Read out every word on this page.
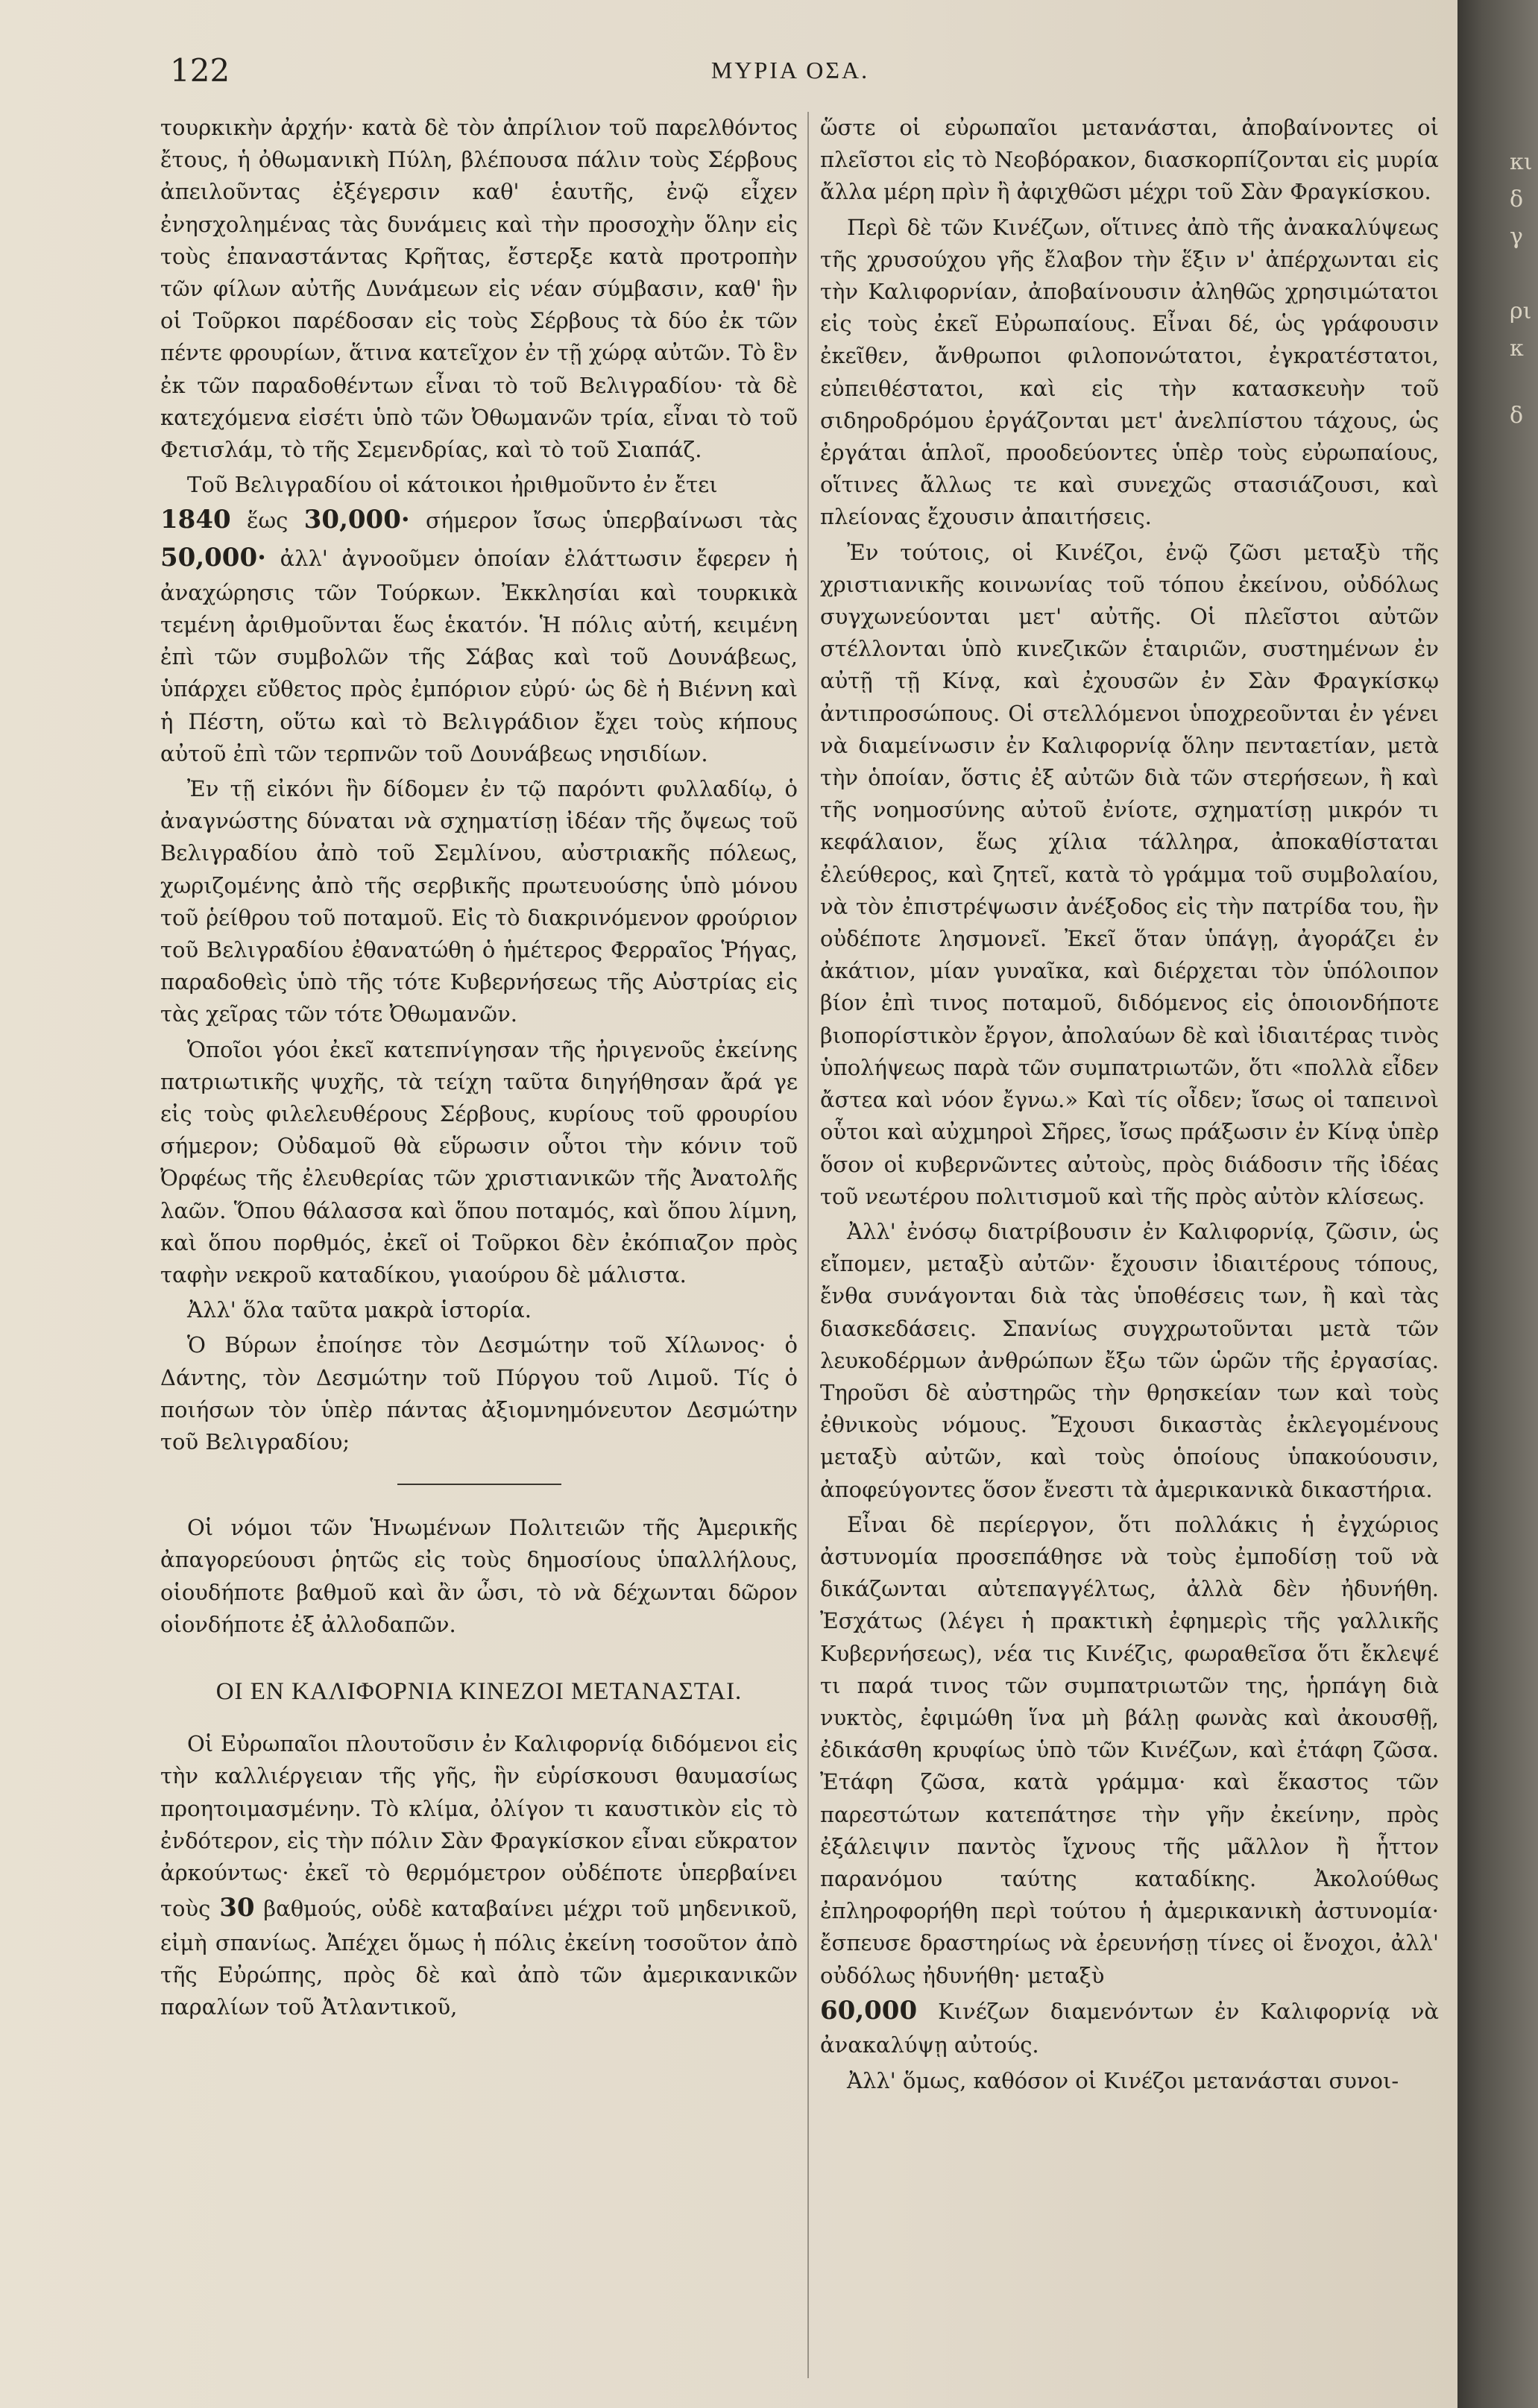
122	ΜΥΡΙΑ ΟΣΑ.

τουρκικὴν ἀρχήν· κατὰ δὲ τὸν ἀπρίλιον τοῦ παρελθόντος ἔτους, ἡ ὀθωμανικὴ Πύλη, βλέπουσα πάλιν τοὺς Σέρβους ἀπειλοῦντας ἐξέγερσιν καθ' ἑαυτῆς, ἐνῷ εἶχεν ἐνησχολημένας τὰς δυνάμεις καὶ τὴν προσοχὴν ὅλην εἰς τοὺς ἐπαναστάντας Κρῆτας, ἔστερξε κατὰ προτροπὴν τῶν φίλων αὐτῆς Δυνάμεων εἰς νέαν σύμβασιν, καθ' ἣν οἱ Τοῦρκοι παρέδοσαν εἰς τοὺς Σέρβους τὰ δύο ἐκ τῶν πέντε φρουρίων, ἅτινα κατεῖχον ἐν τῇ χώρᾳ αὐτῶν. Τὸ ἓν ἐκ τῶν παραδοθέντων εἶναι τὸ τοῦ Βελιγραδίου· τὰ δὲ κατεχόμενα εἰσέτι ὑπὸ τῶν Ὀθωμανῶν τρία, εἶναι τὸ τοῦ Φετισλάμ, τὸ τῆς Σεμενδρίας, καὶ τὸ τοῦ Σιαπάζ.

Τοῦ Βελιγραδίου οἱ κάτοικοι ἠριθμοῦντο ἐν ἔτει
1840 ἕως 30,000· σήμερον ἴσως ὑπερβαίνωσι τὰς 50,000· ἀλλ' ἀγνοοῦμεν ὁποίαν ἐλάττωσιν ἔφερεν ἡ ἀναχώρησις τῶν Τούρκων. Ἐκκλησίαι καὶ τουρκικὰ τεμένη ἀριθμοῦνται ἕως ἑκατόν. Ἡ πόλις αὐτή, κειμένη ἐπὶ τῶν συμβολῶν τῆς Σάβας καὶ τοῦ Δουνάβεως, ὑπάρχει εὔθετος πρὸς ἐμπόριον εὐρύ· ὡς δὲ ἡ Βιέννη καὶ ἡ Πέστη, οὕτω καὶ τὸ Βελιγράδιον ἔχει τοὺς κήπους αὐτοῦ ἐπὶ τῶν τερπνῶν τοῦ Δουνάβεως νησιδίων.

Ἐν τῇ εἰκόνι ἣν δίδομεν ἐν τῷ παρόντι φυλλαδίῳ, ὁ ἀναγνώστης δύναται νὰ σχηματίσῃ ἰδέαν τῆς ὄψεως τοῦ Βελιγραδίου ἀπὸ τοῦ Σεμλίνου, αὐστριακῆς πόλεως, χωριζομένης ἀπὸ τῆς σερβικῆς πρωτευούσης ὑπὸ μόνου τοῦ ῥείθρου τοῦ ποταμοῦ. Εἰς τὸ διακρινόμενον φρούριον τοῦ Βελιγραδίου ἐθανατώθη ὁ ἡμέτερος Φερραῖος Ῥήγας, παραδοθεὶς ὑπὸ τῆς τότε Κυβερνήσεως τῆς Αὐστρίας εἰς τὰς χεῖρας τῶν τότε Ὀθωμανῶν.

Ὁποῖοι γόοι ἐκεῖ κατεπνίγησαν τῆς ἠριγενοῦς ἐκείνης πατριωτικῆς ψυχῆς, τὰ τείχη ταῦτα διηγήθησαν ἄρά γε εἰς τοὺς φιλελευθέρους Σέρβους, κυρίους τοῦ φρουρίου σήμερον; Οὐδαμοῦ θὰ εὕρωσιν οὗτοι τὴν κόνιν τοῦ Ὀρφέως τῆς ἐλευθερίας τῶν χριστιανικῶν τῆς Ἀνατολῆς λαῶν. Ὅπου θάλασσα καὶ ὅπου ποταμός, καὶ ὅπου λίμνη, καὶ ὅπου πορθμός, ἐκεῖ οἱ Τοῦρκοι δὲν ἐκόπιαζον πρὸς ταφὴν νεκροῦ καταδίκου, γιαούρου δὲ μάλιστα.

Ἀλλ' ὅλα ταῦτα μακρὰ ἱστορία.

Ὁ Βύρων ἐποίησε τὸν Δεσμώτην τοῦ Χίλωνος· ὁ Δάντης, τὸν Δεσμώτην τοῦ Πύργου τοῦ Λιμοῦ. Τίς ὁ ποιήσων τὸν ὑπὲρ πάντας ἀξιομνημόνευτον Δεσμώτην τοῦ Βελιγραδίου;

Οἱ νόμοι τῶν Ἡνωμένων Πολιτειῶν τῆς Ἀμερικῆς ἀπαγορεύουσι ῥητῶς εἰς τοὺς δημοσίους ὑπαλλήλους, οἱουδήποτε βαθμοῦ καὶ ἂν ὦσι, τὸ νὰ δέχωνται δῶρον οἱονδήποτε ἐξ ἀλλοδαπῶν.

ΟΙ ΕΝ ΚΑΛΙΦΟΡΝΙΑ ΚΙΝΕΖΟΙ ΜΕΤΑΝΑΣΤΑΙ.

Οἱ Εὐρωπαῖοι πλουτοῦσιν ἐν Καλιφορνίᾳ διδόμενοι εἰς τὴν καλλιέργειαν τῆς γῆς, ἣν εὑρίσκουσι θαυμασίως προητοιμασμένην. Τὸ κλίμα, ὀλίγον τι καυστικὸν εἰς τὸ ἐνδότερον, εἰς τὴν πόλιν Σὰν Φραγκίσκον εἶναι εὔκρατον ἀρκούντως· ἐκεῖ τὸ θερμόμετρον οὐδέποτε ὑπερβαίνει τοὺς 30 βαθμούς, οὐδὲ καταβαίνει μέχρι τοῦ μηδενικοῦ, εἰμὴ σπανίως. Ἀπέχει ὅμως ἡ πόλις ἐκείνη τοσοῦτον ἀπὸ τῆς Εὐρώπης, πρὸς δὲ καὶ ἀπὸ τῶν ἀμερικανικῶν παραλίων τοῦ Ἀτλαντικοῦ,

ὥστε οἱ εὐρωπαῖοι μετανάσται, ἀποβαίνοντες οἱ πλεῖστοι εἰς τὸ Νεοβόρακον, διασκορπίζονται εἰς μυρία ἄλλα μέρη πρὶν ἢ ἀφιχθῶσι μέχρι τοῦ Σὰν Φραγκίσκου.

Περὶ δὲ τῶν Κινέζων, οἵτινες ἀπὸ τῆς ἀνακαλύψεως τῆς χρυσούχου γῆς ἔλαβον τὴν ἕξιν ν' ἀπέρχωνται εἰς τὴν Καλιφορνίαν, ἀποβαίνουσιν ἀληθῶς χρησιμώτατοι εἰς τοὺς ἐκεῖ Εὐρωπαίους. Εἶναι δέ, ὡς γράφουσιν ἐκεῖθεν, ἄνθρωποι φιλοπονώτατοι, ἐγκρατέστατοι, εὐπειθέστατοι, καὶ εἰς τὴν κατασκευὴν τοῦ σιδηροδρόμου ἐργάζονται μετ' ἀνελπίστου τάχους, ὡς ἐργάται ἁπλοῖ, προοδεύοντες ὑπὲρ τοὺς εὐρωπαίους, οἵτινες ἄλλως τε καὶ συνεχῶς στασιάζουσι, καὶ πλείονας ἔχουσιν ἀπαιτήσεις.

Ἐν τούτοις, οἱ Κινέζοι, ἐνῷ ζῶσι μεταξὺ τῆς χριστιανικῆς κοινωνίας τοῦ τόπου ἐκείνου, οὐδόλως συγχωνεύονται μετ' αὐτῆς. Οἱ πλεῖστοι αὐτῶν στέλλονται ὑπὸ κινεζικῶν ἑταιριῶν, συστημένων ἐν αὐτῇ τῇ Κίνᾳ, καὶ ἐχουσῶν ἐν Σὰν Φραγκίσκῳ ἀντιπροσώπους. Οἱ στελλόμενοι ὑποχρεοῦνται ἐν γένει νὰ διαμείνωσιν ἐν Καλιφορνίᾳ ὅλην πενταετίαν, μετὰ τὴν ὁποίαν, ὅστις ἐξ αὐτῶν διὰ τῶν στερήσεων, ἢ καὶ τῆς νοημοσύνης αὐτοῦ ἐνίοτε, σχηματίσῃ μικρόν τι κεφάλαιον, ἕως χίλια τάλληρα, ἀποκαθίσταται ἐλεύθερος, καὶ ζητεῖ, κατὰ τὸ γράμμα τοῦ συμβολαίου, νὰ τὸν ἐπιστρέψωσιν ἀνέξοδος εἰς τὴν πατρίδα του, ἣν οὐδέποτε λησμονεῖ. Ἐκεῖ ὅταν ὑπάγῃ, ἀγοράζει ἐν ἀκάτιον, μίαν γυναῖκα, καὶ διέρχεται τὸν ὑπόλοιπον βίον ἐπὶ τινος ποταμοῦ, διδόμενος εἰς ὁποιονδήποτε βιοπορίστικὸν ἔργον, ἀπολαύων δὲ καὶ ἰδιαιτέρας τινὸς ὑπολήψεως παρὰ τῶν συμπατριωτῶν, ὅτι «πολλὰ εἶδεν ἄστεα καὶ νόον ἔγνω.» Καὶ τίς οἶδεν; ἴσως οἱ ταπεινοὶ οὗτοι καὶ αὐχμηροὶ Σῆρες, ἴσως πράξωσιν ἐν Κίνᾳ ὑπὲρ ὅσον οἱ κυβερνῶντες αὐτοὺς, πρὸς διάδοσιν τῆς ἰδέας τοῦ νεωτέρου πολιτισμοῦ καὶ τῆς πρὸς αὐτὸν κλίσεως.

Ἀλλ' ἐνόσῳ διατρίβουσιν ἐν Καλιφορνίᾳ, ζῶσιν, ὡς εἴπομεν, μεταξὺ αὐτῶν· ἔχουσιν ἰδιαιτέρους τόπους, ἔνθα συνάγονται διὰ τὰς ὑποθέσεις των, ἢ καὶ τὰς διασκεδάσεις. Σπανίως συγχρωτοῦνται μετὰ τῶν λευκοδέρμων ἀνθρώπων ἔξω τῶν ὡρῶν τῆς ἐργασίας. Τηροῦσι δὲ αὐστηρῶς τὴν θρησκείαν των καὶ τοὺς ἐθνικοὺς νόμους. Ἔχουσι δικαστὰς ἐκλεγομένους μεταξὺ αὐτῶν, καὶ τοὺς ὁποίους ὑπακούουσιν, ἀποφεύγοντες ὅσον ἔνεστι τὰ ἀμερικανικὰ δικαστήρια.

Εἶναι δὲ περίεργον, ὅτι πολλάκις ἡ ἐγχώριος ἀστυνομία προσεπάθησε νὰ τοὺς ἐμποδίσῃ τοῦ νὰ δικάζωνται αὐτεπαγγέλτως, ἀλλὰ δὲν ἠδυνήθη. Ἐσχάτως (λέγει ἡ πρακτικὴ ἐφημερὶς τῆς γαλλικῆς Κυβερνήσεως), νέα τις Κινέζις, φωραθεῖσα ὅτι ἔκλεψέ τι παρά τινος τῶν συμπατριωτῶν της, ἡρπάγη διὰ νυκτὸς, ἐφιμώθη ἵνα μὴ βάλῃ φωνὰς καὶ ἀκουσθῇ, ἐδικάσθη κρυφίως ὑπὸ τῶν Κινέζων, καὶ ἐτάφη ζῶσα. Ἐτάφη ζῶσα, κατὰ γράμμα· καὶ ἕκαστος τῶν παρεστώτων κατεπάτησε τὴν γῆν ἐκείνην, πρὸς ἐξάλειψιν παντὸς ἴχνους τῆς μᾶλλον ἢ ἧττον παρανόμου ταύτης καταδίκης. Ἀκολούθως ἐπληροφορήθη περὶ τούτου ἡ ἀμερικανικὴ ἀστυνομία· ἔσπευσε δραστηρίως νὰ ἐρευνήσῃ τίνες οἱ ἔνοχοι, ἀλλ' οὐδόλως ἠδυνήθη· μεταξὺ
60,000 Κινέζων διαμενόντων ἐν Καλιφορνίᾳ νὰ ἀνακαλύψῃ αὐτούς.

Ἀλλ' ὅμως, καθόσον οἱ Κινέζοι μετανάσται συνοι-

κι
δ
γ
ρι
κ
δ
